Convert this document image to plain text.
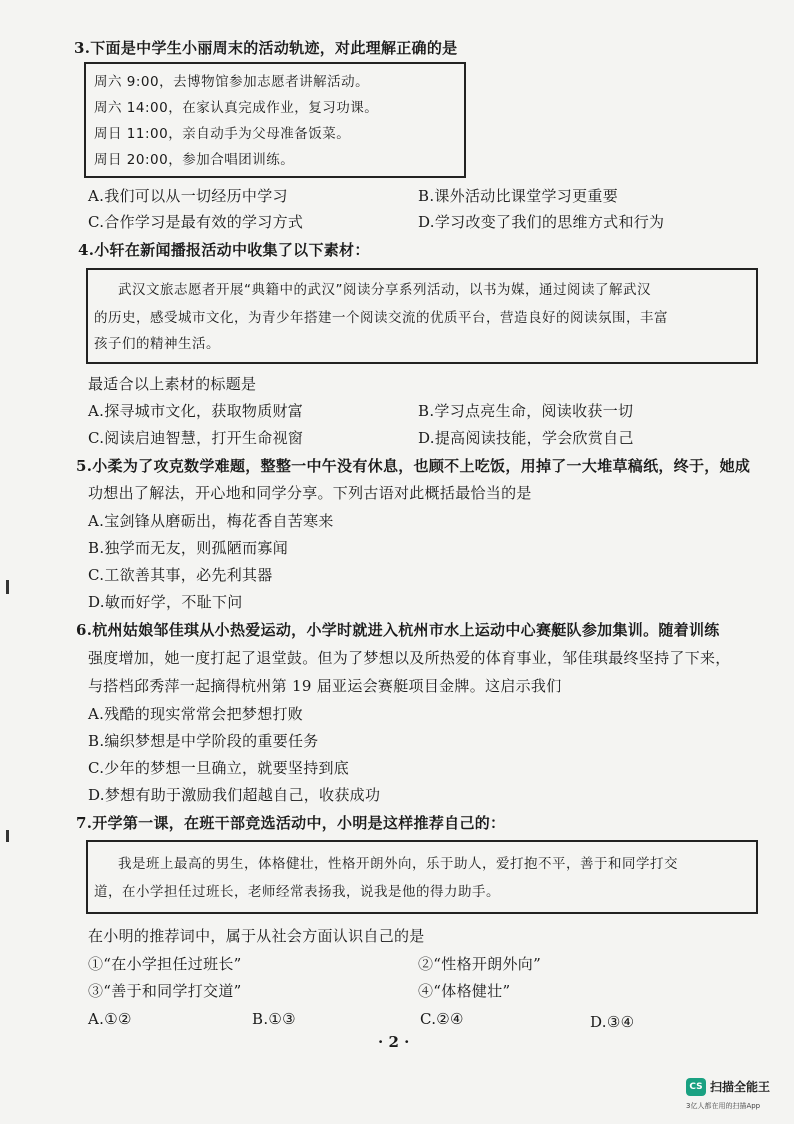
3.下面是中学生小丽周末的活动轨迹，对此理解正确的是
周六 9:00，去博物馆参加志愿者讲解活动。
周六 14:00，在家认真完成作业，复习功课。
周日 11:00，亲自动手为父母准备饭菜。
周日 20:00，参加合唱团训练。
A.我们可以从一切经历中学习	B.课外活动比课堂学习更重要
C.合作学习是最有效的学习方式	D.学习改变了我们的思维方式和行为
4.小轩在新闻播报活动中收集了以下素材：
武汉文旅志愿者开展“典籍中的武汉”阅读分享系列活动，以书为媒，通过阅读了解武汉
的历史，感受城市文化，为青少年搭建一个阅读交流的优质平台，营造良好的阅读氛围，丰富
孩子们的精神生活。
最适合以上素材的标题是
A.探寻城市文化，获取物质财富	B.学习点亮生命，阅读收获一切
C.阅读启迪智慧，打开生命视窗	D.提高阅读技能，学会欣赏自己
5.小柔为了攻克数学难题，整整一中午没有休息，也顾不上吃饭，用掉了一大堆草稿纸，终于，她成
功想出了解法，开心地和同学分享。下列古语对此概括最恰当的是
A.宝剑锋从磨砺出，梅花香自苦寒来
B.独学而无友，则孤陋而寡闻
C.工欲善其事，必先利其器
D.敏而好学，不耻下问
6.杭州姑娘邹佳琪从小热爱运动，小学时就进入杭州市水上运动中心赛艇队参加集训。随着训练
强度增加，她一度打起了退堂鼓。但为了梦想以及所热爱的体育事业，邹佳琪最终坚持了下来，
与搭档邱秀萍一起摘得杭州第 19 届亚运会赛艇项目金牌。这启示我们
A.残酷的现实常常会把梦想打败
B.编织梦想是中学阶段的重要任务
C.少年的梦想一旦确立，就要坚持到底
D.梦想有助于激励我们超越自己，收获成功
7.开学第一课，在班干部竞选活动中，小明是这样推荐自己的：
我是班上最高的男生，体格健壮，性格开朗外向，乐于助人，爱打抱不平，善于和同学打交
道，在小学担任过班长，老师经常表扬我，说我是他的得力助手。
在小明的推荐词中，属于从社会方面认识自己的是
①“在小学担任过班长”	②“性格开朗外向”
③“善于和同学打交道”	④“体格健壮”
A.①②	B.①③	C.②④	D.③④
· 2 ·
CS 扫描全能王
3亿人都在用的扫描App
